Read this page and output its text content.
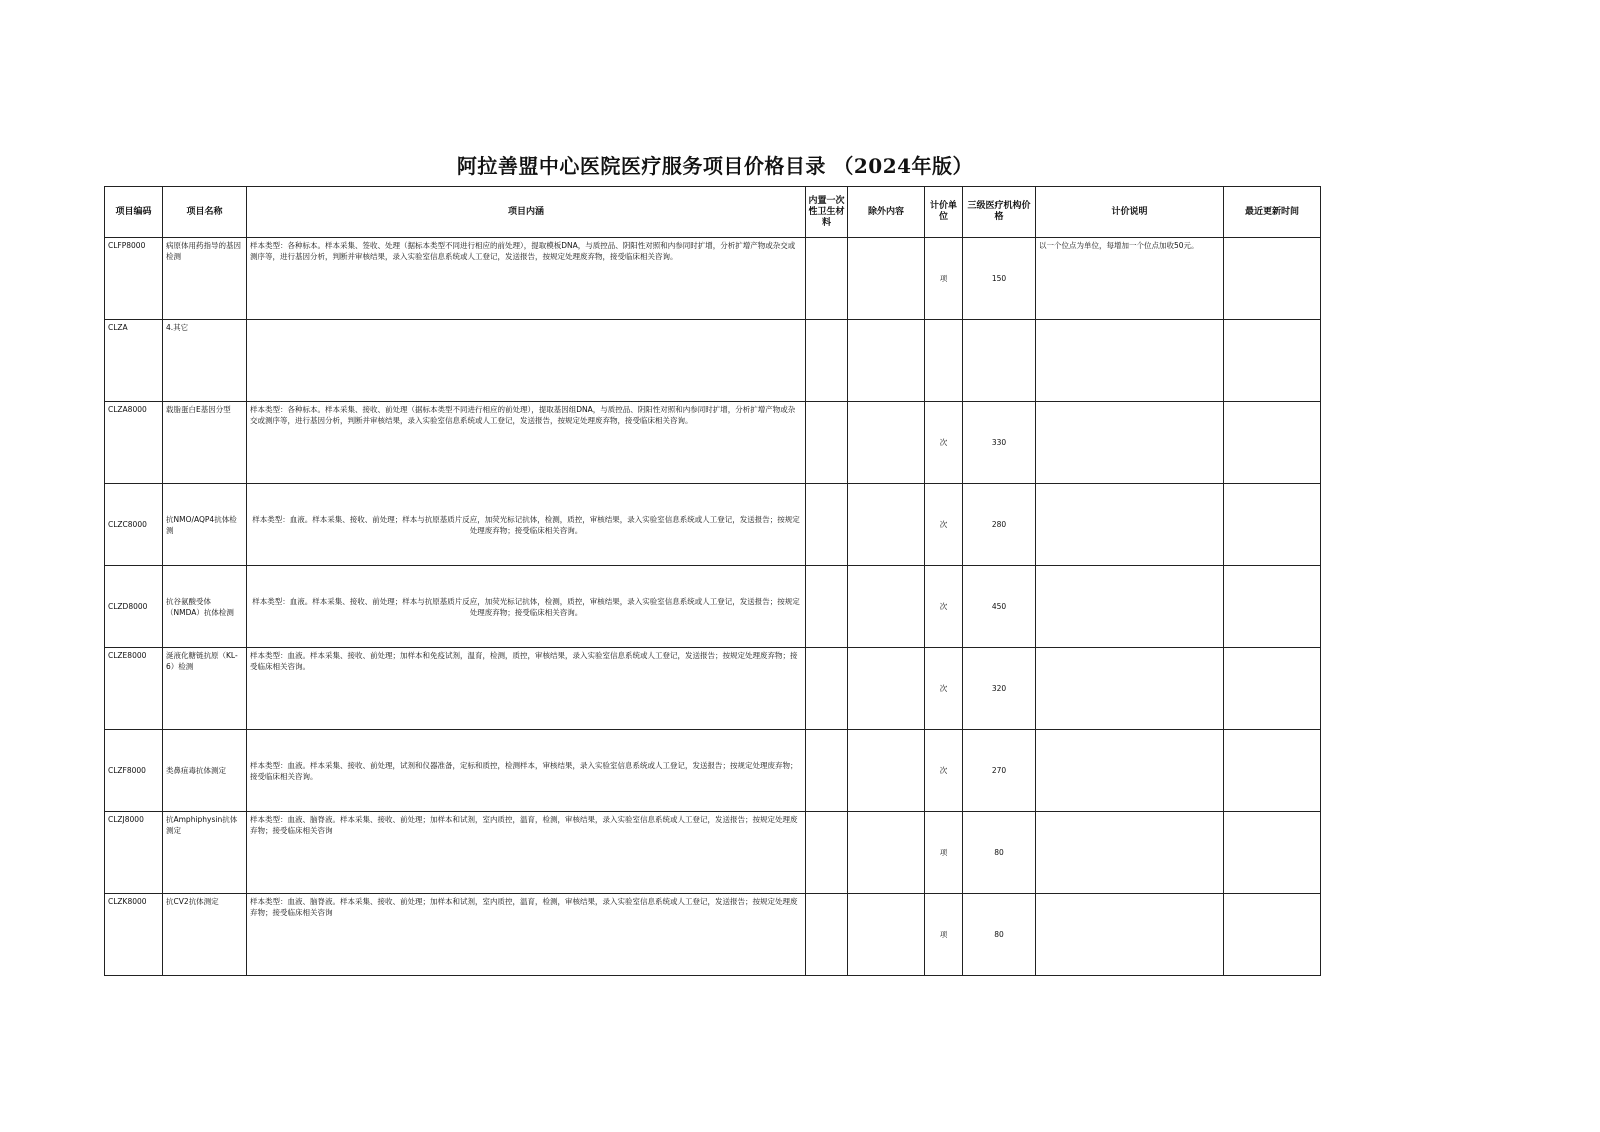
阿拉善盟中心医院医疗服务项目价格目录 （2024年版）
项目编码	项目名称	项目内涵	内置一次性卫生材料	除外内容	计价单位	三级医疗机构价格	计价说明	最近更新时间
CLFP8000	病原体用药指导的基因检测	样本类型：各种标本。样本采集、签收、处理（据标本类型不同进行相应的前处理），提取模板DNA，与质控品、阴阳性对照和内参同时扩增，分析扩增产物或杂交或测序等，进行基因分析，判断并审核结果，录入实验室信息系统或人工登记，发送报告，按规定处理废弃物，接受临床相关咨询。			项	150	以一个位点为单位，每增加一个位点加收50元。	
CLZA	4.其它							
CLZA8000	载脂蛋白E基因分型	样本类型：各种标本。样本采集、接收、前处理（据标本类型不同进行相应的前处理），提取基因组DNA，与质控品、阴阳性对照和内参同时扩增，分析扩增产物或杂交或测序等，进行基因分析，判断并审核结果，录入实验室信息系统或人工登记，发送报告，按规定处理废弃物，接受临床相关咨询。			次	330		
CLZC8000	抗NMO/AQP4抗体检测	样本类型：血液。样本采集、接收、前处理；样本与抗原基质片反应，加荧光标记抗体，检测，质控，审核结果，录入实验室信息系统或人工登记，发送报告；按规定处理废弃物；接受临床相关咨询。			次	280		
CLZD8000	抗谷氨酸受体（NMDA）抗体检测	样本类型：血液。样本采集、接收、前处理；样本与抗原基质片反应，加荧光标记抗体，检测，质控，审核结果，录入实验室信息系统或人工登记，发送报告；按规定处理废弃物；接受临床相关咨询。			次	450		
CLZE8000	涎液化糖链抗原（KL-6）检测	样本类型：血液。样本采集、接收、前处理；加样本和免疫试剂，温育，检测，质控，审核结果，录入实验室信息系统或人工登记，发送报告；按规定处理废弃物；接受临床相关咨询。			次	320		
CLZF8000	类鼻疽毒抗体测定	样本类型：血液。样本采集、接收、前处理，试剂和仪器准备，定标和质控，检测样本，审核结果，录入实验室信息系统或人工登记，发送报告；按规定处理废弃物；接受临床相关咨询。			次	270		
CLZJ8000	抗Amphiphysin抗体测定	样本类型：血液、脑脊液。样本采集、接收、前处理；加样本和试剂，室内质控，温育，检测，审核结果，录入实验室信息系统或人工登记，发送报告；按规定处理废弃物；接受临床相关咨询			项	80		
CLZK8000	抗CV2抗体测定	样本类型：血液、脑脊液。样本采集、接收、前处理；加样本和试剂，室内质控，温育，检测，审核结果，录入实验室信息系统或人工登记，发送报告；按规定处理废弃物；接受临床相关咨询			项	80		
